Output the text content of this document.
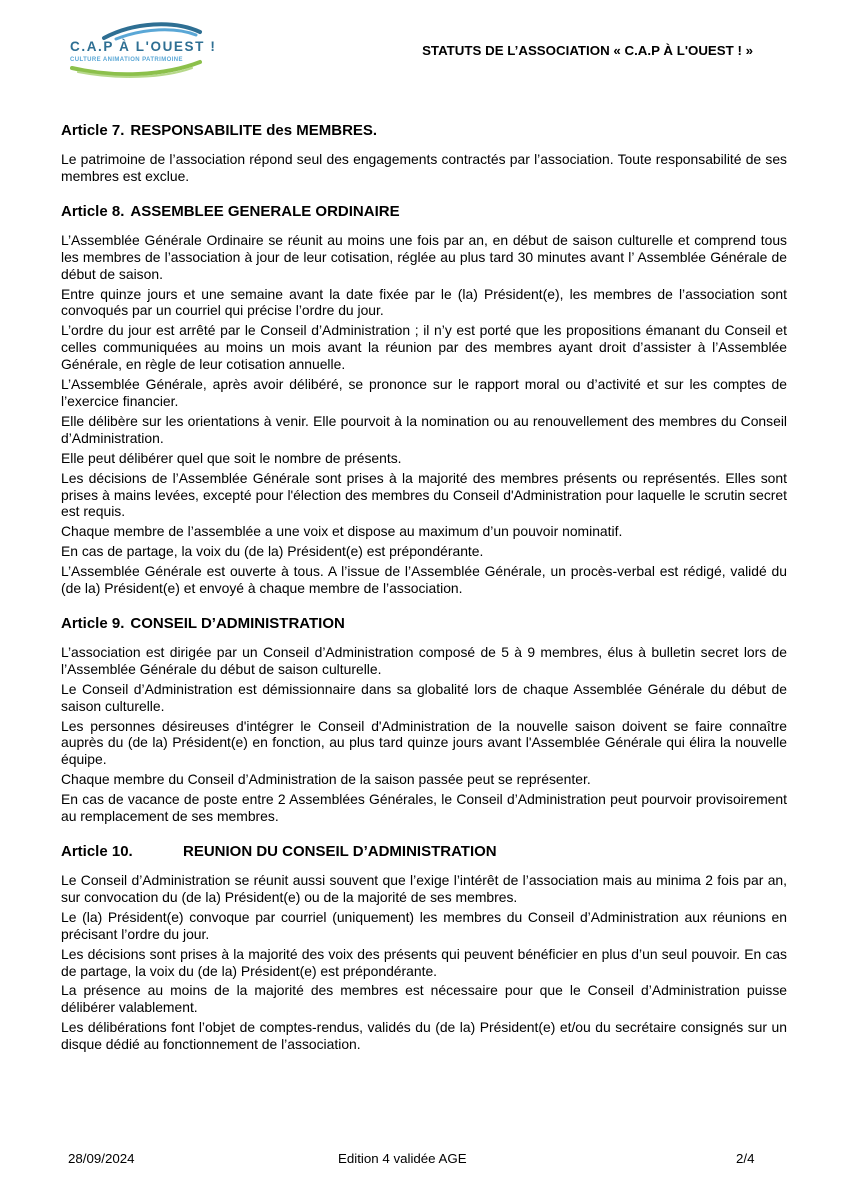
C.A.P À L'OUEST !
CULTURE ANIMATION PATRIMOINE
STATUTS DE L’ASSOCIATION « C.A.P À L'OUEST ! »
Article 7. RESPONSABILITE des MEMBRES.

Le patrimoine de l’association répond seul des engagements contractés par l’association. Toute responsabilité de ses membres est exclue.

Article 8. ASSEMBLEE GENERALE ORDINAIRE

L’Assemblée Générale Ordinaire se réunit au moins une fois par an, en début de saison culturelle et comprend tous les membres de l’association à jour de leur cotisation, réglée au plus tard 30 minutes avant l’ Assemblée Générale de début de saison.

Entre quinze jours et une semaine avant la date fixée par le (la) Président(e), les membres de l’association sont convoqués par un courriel qui précise l’ordre du jour.

L’ordre du jour est arrêté par le Conseil d’Administration ; il n’y est porté que les propositions émanant du Conseil et celles communiquées au moins un mois avant la réunion par des membres ayant droit d’assister à l’Assemblée Générale, en règle de leur cotisation annuelle.

L’Assemblée Générale, après avoir délibéré, se prononce sur le rapport moral ou d’activité et sur les comptes de l’exercice financier.

Elle délibère sur les orientations à venir. Elle pourvoit à la nomination ou au renouvellement des membres du Conseil d’Administration.

Elle peut délibérer quel que soit le nombre de présents.

Les décisions de l’Assemblée Générale sont prises à la majorité des membres présents ou représentés. Elles sont prises à mains levées, excepté pour l'élection des membres du Conseil d'Administration pour laquelle le scrutin secret est requis.

Chaque membre de l’assemblée a une voix et dispose au maximum d’un pouvoir nominatif.

En cas de partage, la voix du (de la) Président(e) est prépondérante.

L’Assemblée Générale est ouverte à tous. A l’issue de l’Assemblée Générale, un procès-verbal est rédigé, validé du (de la) Président(e) et envoyé à chaque membre de l’association.

Article 9. CONSEIL D’ADMINISTRATION

L’association est dirigée par un Conseil d’Administration composé de 5 à 9 membres, élus à bulletin secret lors de l’Assemblée Générale du début de saison culturelle.

Le Conseil d’Administration est démissionnaire dans sa globalité lors de chaque Assemblée Générale du début de saison culturelle.

Les personnes désireuses d'intégrer le Conseil d'Administration de la nouvelle saison doivent se faire connaître auprès du (de la) Président(e) en fonction, au plus tard quinze jours avant l'Assemblée Générale qui élira la nouvelle équipe.

Chaque membre du Conseil d’Administration de la saison passée peut se représenter.

En cas de vacance de poste entre 2 Assemblées Générales, le Conseil d’Administration peut pourvoir provisoirement au remplacement de ses membres.

Article 10.	REUNION DU CONSEIL D’ADMINISTRATION

Le Conseil d’Administration se réunit aussi souvent que l’exige l’intérêt de l’association mais au minima 2 fois par an, sur convocation du (de la) Président(e) ou de la majorité de ses membres.

Le (la) Président(e) convoque par courriel (uniquement) les membres du Conseil d’Administration aux réunions en précisant l’ordre du jour.

Les décisions sont prises à la majorité des voix des présents qui peuvent bénéficier en plus d’un seul pouvoir. En cas de partage, la voix du (de la) Président(e) est prépondérante.

La présence au moins de la majorité des membres est nécessaire pour que le Conseil d’Administration puisse délibérer valablement.

Les délibérations font l’objet de comptes-rendus, validés du (de la) Président(e) et/ou du secrétaire consignés sur un disque dédié au fonctionnement de l’association.

28/09/2024	Edition 4 validée AGE	2/4
